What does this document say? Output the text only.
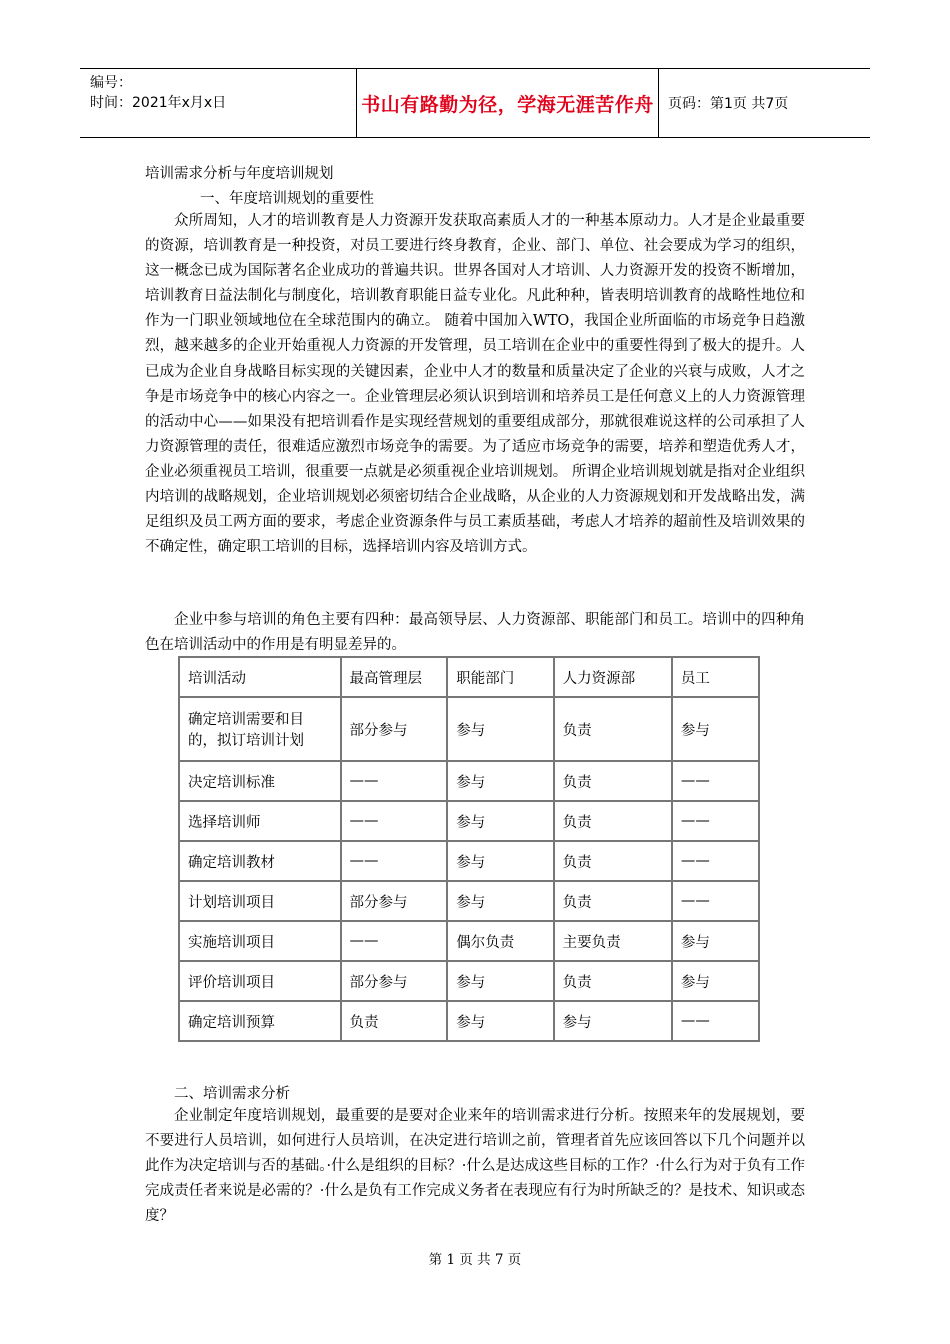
编号：
时间：2021年x月x日	书山有路勤为径，学海无涯苦作舟	页码：第1页 共7页
培训需求分析与年度培训规划
一、年度培训规划的重要性

众所周知，人才的培训教育是人力资源开发获取高素质人才的一种基本原动力。人才是企业最重要的资源，培训教育是一种投资，对员工要进行终身教育，企业、部门、单位、社会要成为学习的组织，这一概念已成为国际著名企业成功的普遍共识。世界各国对人才培训、人力资源开发的投资不断增加，培训教育日益法制化与制度化，培训教育职能日益专业化。凡此种种，皆表明培训教育的战略性地位和作为一门职业领域地位在全球范围内的确立。 随着中国加入WTO，我国企业所面临的市场竞争日趋激烈，越来越多的企业开始重视人力资源的开发管理，员工培训在企业中的重要性得到了极大的提升。人已成为企业自身战略目标实现的关键因素，企业中人才的数量和质量决定了企业的兴衰与成败，人才之争是市场竞争中的核心内容之一。企业管理层必须认识到培训和培养员工是任何意义上的人力资源管理的活动中心——如果没有把培训看作是实现经营规划的重要组成部分，那就很难说这样的公司承担了人力资源管理的责任，很难适应激烈市场竞争的需要。为了适应市场竞争的需要，培养和塑造优秀人才，企业必须重视员工培训，很重要一点就是必须重视企业培训规划。 所谓企业培训规划就是指对企业组织内培训的战略规划，企业培训规划必须密切结合企业战略，从企业的人力资源规划和开发战略出发，满足组织及员工两方面的要求，考虑企业资源条件与员工素质基础，考虑人才培养的超前性及培训效果的不确定性，确定职工培训的目标，选择培训内容及培训方式。

企业中参与培训的角色主要有四种：最高领导层、人力资源部、职能部门和员工。培训中的四种角色在培训活动中的作用是有明显差异的。

培训活动	最高管理层	职能部门	人力资源部	员工
确定培训需要和目的，拟订培训计划	部分参与	参与	负责	参与
决定培训标准	——	参与	负责	——
选择培训师	——	参与	负责	——
确定培训教材	——	参与	负责	——
计划培训项目	部分参与	参与	负责	——
实施培训项目	——	偶尔负责	主要负责	参与
评价培训项目	部分参与	参与	负责	参与
确定培训预算	负责	参与	参与	——
二、培训需求分析

企业制定年度培训规划，最重要的是要对企业来年的培训需求进行分析。按照来年的发展规划，要不要进行人员培训，如何进行人员培训，在决定进行培训之前，管理者首先应该回答以下几个问题并以此作为决定培训与否的基础。·什么是组织的目标？·什么是达成这些目标的工作？·什么行为对于负有工作完成责任者来说是必需的？·什么是负有工作完成义务者在表现应有行为时所缺乏的？是技术、知识或态度？

第 1 页 共 7 页
